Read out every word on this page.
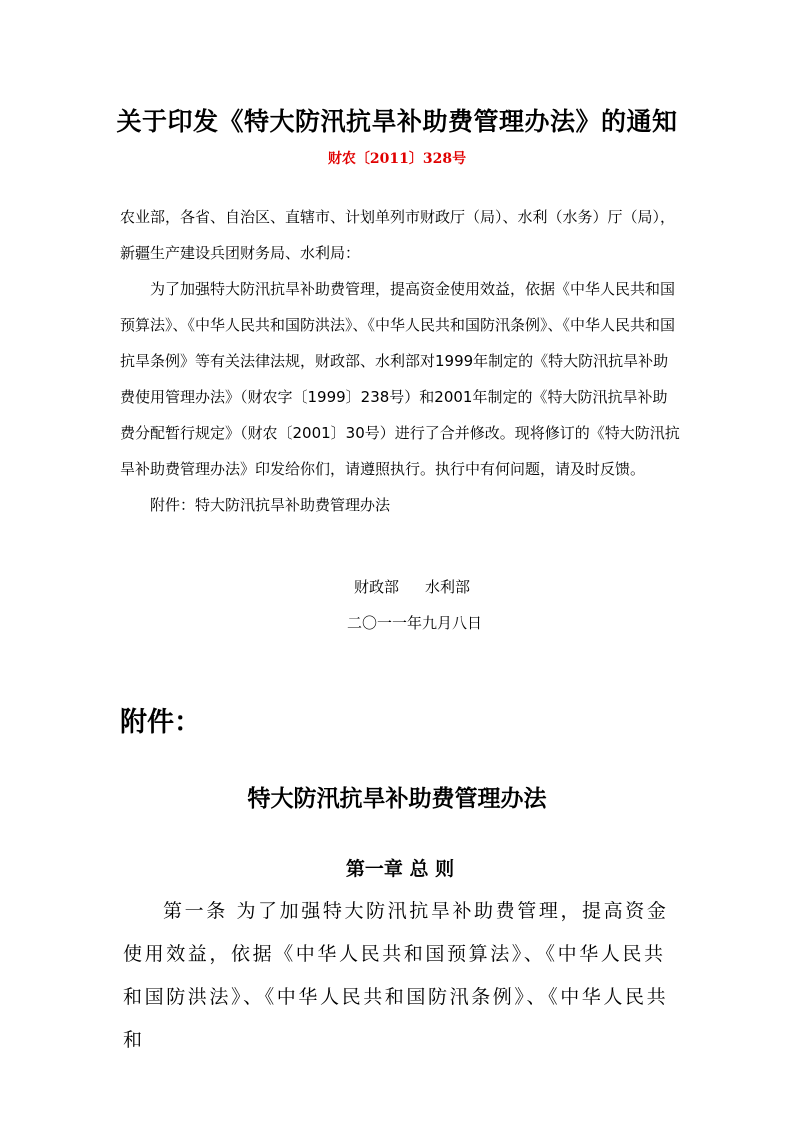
关于印发《特大防汛抗旱补助费管理办法》的通知
财农〔2011〕328号

农业部，各省、自治区、直辖市、计划单列市财政厅（局）、水利（水务）厅（局），新疆生产建设兵团财务局、水利局：

为了加强特大防汛抗旱补助费管理，提高资金使用效益，依据《中华人民共和国预算法》、《中华人民共和国防洪法》、《中华人民共和国防汛条例》、《中华人民共和国抗旱条例》等有关法律法规，财政部、水利部对1999年制定的《特大防汛抗旱补助费使用管理办法》（财农字〔1999〕238号）和2001年制定的《特大防汛抗旱补助费分配暂行规定》（财农〔2001〕30号）进行了合并修改。现将修订的《特大防汛抗旱补助费管理办法》印发给你们，请遵照执行。执行中有何问题，请及时反馈。

附件：特大防汛抗旱补助费管理办法

财政部 水利部
二〇一一年九月八日
附件：
特大防汛抗旱补助费管理办法
第一章 总 则

第一条 为了加强特大防汛抗旱补助费管理，提高资金使用效益，依据《中华人民共和国预算法》、《中华人民共和国防洪法》、《中华人民共和国防汛条例》、《中华人民共和
